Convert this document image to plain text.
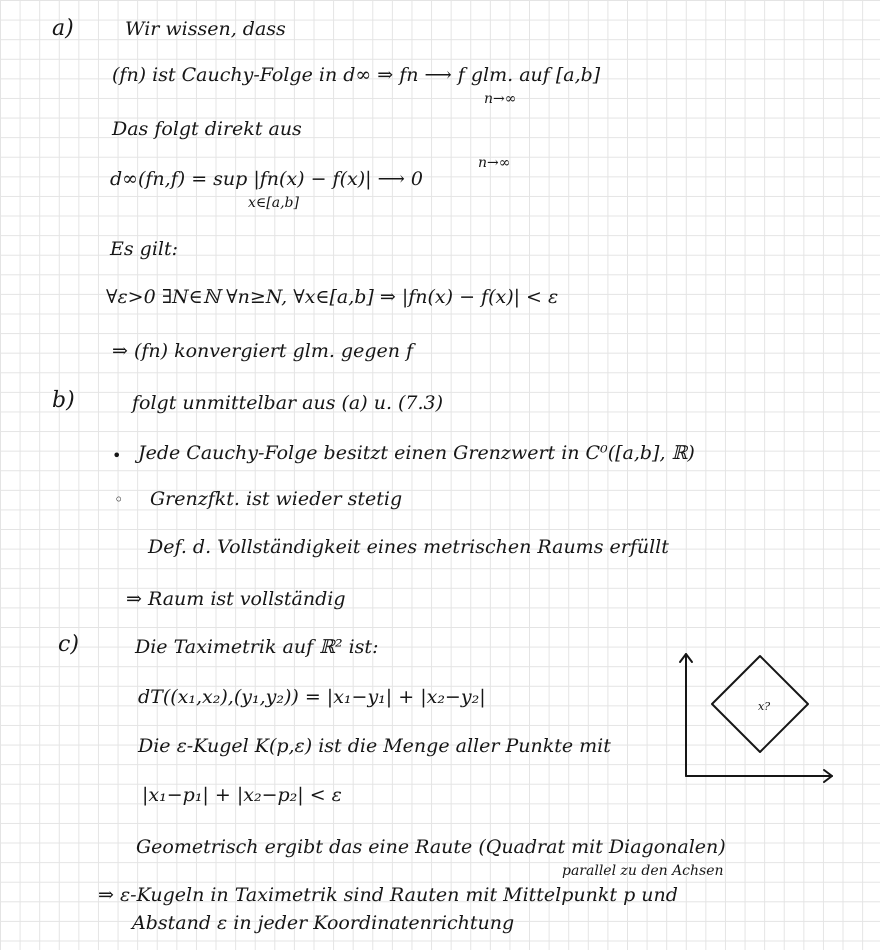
a)	Wir wissen, dass
(fn) ist Cauchy-Folge in d∞ ⇒ fn ⟶ f glm. auf [a,b]
n→∞
Das folgt direkt aus
d∞(fn,f) = sup |fn(x) − f(x)| ⟶ 0
x∈[a,b]
n→∞
Es gilt:
∀ε>0 ∃N∈ℕ ∀n≥N, ∀x∈[a,b] ⇒ |fn(x) − f(x)| < ε
⇒ (fn) konvergiert glm. gegen f
b)	folgt unmittelbar aus (a) u. (7.3)
• Jede Cauchy-Folge besitzt einen Grenzwert in C⁰([a,b], ℝ)
◦ Grenzfkt. ist wieder stetig
Def. d. Vollständigkeit eines metrischen Raums erfüllt
⇒ Raum ist vollständig
c)	Die Taximetrik auf ℝ² ist:
dT((x₁,x₂),(y₁,y₂)) = |x₁−y₁| + |x₂−y₂|
Die ε-Kugel K(p,ε) ist die Menge aller Punkte mit
|x₁−p₁| + |x₂−p₂| < ε
Geometrisch ergibt das eine Raute (Quadrat mit Diagonalen)
parallel zu den Achsen
⇒ ε-Kugeln in Taximetrik sind Rauten mit Mittelpunkt p und
Abstand ε in jeder Koordinatenrichtung
x?
